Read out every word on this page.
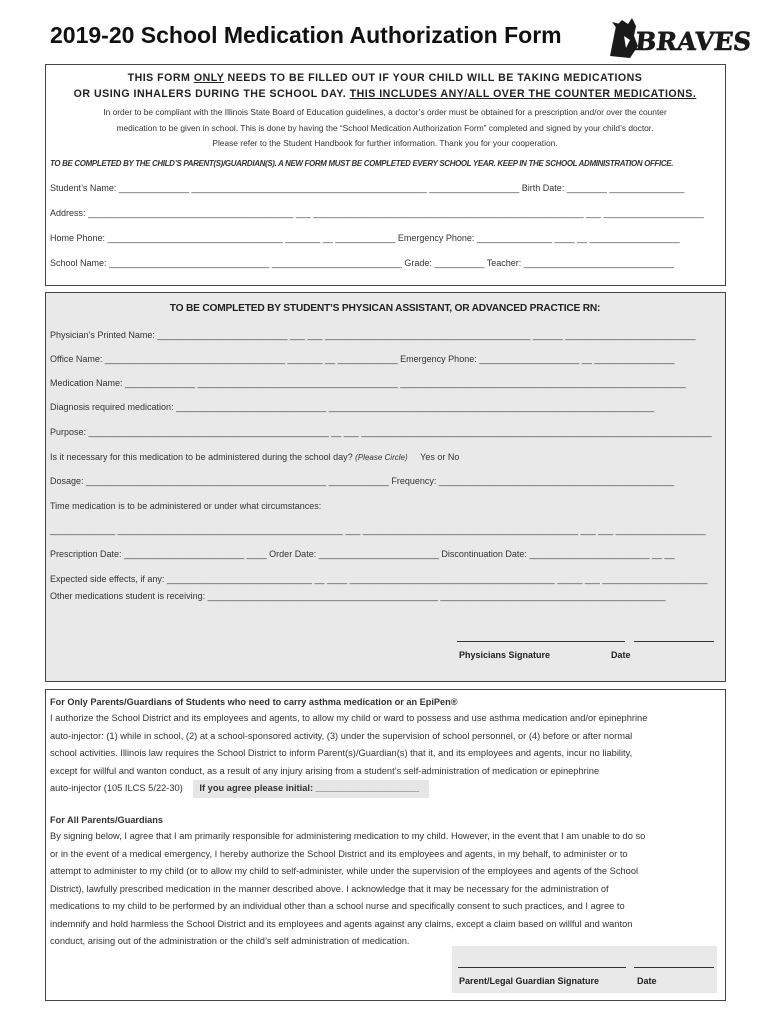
2019-20 School Medication Authorization Form	BRAVES
THIS FORM ONLY NEEDS TO BE FILLED OUT IF YOUR CHILD WILL BE TAKING MEDICATIONS
OR USING INHALERS DURING THE SCHOOL DAY. THIS INCLUDES ANY/ALL OVER THE COUNTER MEDICATIONS.
In order to be compliant with the Illinois State Board of Education guidelines, a doctor’s order must be obtained for a prescription and/or over the counter
medication to be given in school. This is done by having the “School Medication Authorization Form” completed and signed by your child’s doctor.
Please refer to the Student Handbook for further information. Thank you for your cooperation.
TO BE COMPLETED BY THE CHILD’S PARENT(S)/GUARDIAN(S). A NEW FORM MUST BE COMPLETED EVERY SCHOOL YEAR. KEEP IN THE SCHOOL ADMINISTRATION OFFICE.
Student’s Name: ______________ _______________________________________________ __________________ Birth Date: ________ _______________
Address: _________________________________________ ___ ______________________________________________________ ___ ____________________
Home Phone: ___________________________________ _______ __ ____________ Emergency Phone: _______________ ____ __ __________________
School Name: ________________________________ __________________________ Grade: __________ Teacher: ______________________________
TO BE COMPLETED BY STUDENT’S PHYSICAN ASSISTANT, OR ADVANCED PRACTICE RN:
Physician’s Printed Name: __________________________ ___ ___ _________________________________________ ______ __________________________
Office Name: ____________________________________ _______ __ ____________ Emergency Phone: ____________________ __ ________________
Medication Name: ______________ ________________________________________ _________________________________________________________
Diagnosis required medication: ______________________________ _________________________________________________________________
Purpose: ________________________________________________ __ ___ ______________________________________________________________________
Is it necessary for this medication to be administered during the school day? (Please Circle) Yes or No
Dosage: ________________________________________________ ____________ Frequency: _______________________________________________
Time medication is to be administered or under what circumstances:
_____________ _____________________________________________ ___ ___________________________________________ ___ ___ __________________
Prescription Date: ________________________ ____ Order Date: ________________________ Discontinuation Date: ________________________ __ __
Expected side effects, if any: _____________________________ __ ____ _________________________________________ _____ ___ _____________________
Other medications student is receiving: ______________________________________________ _____________________________________________
Physicians Signature	Date
For Only Parents/Guardians of Students who need to carry asthma medication or an EpiPen®
I authorize the School District and its employees and agents, to allow my child or ward to possess and use asthma medication and/or epinephrine
auto-injector: (1) while in school, (2) at a school-sponsored activity, (3) under the supervision of school personnel, or (4) before or after normal
school activities. Illinois law requires the School District to inform Parent(s)/Guardian(s) that it, and its employees and agents, incur no liability,
except for willful and wanton conduct, as a result of any injury arising from a student’s self-administration of medication or epinephrine
auto-injector (105 ILCS 5/22-30) If you agree please initial: ____________________
For All Parents/Guardians
By signing below, I agree that I am primarily responsible for administering medication to my child. However, in the event that I am unable to do so
or in the event of a medical emergency, I hereby authorize the School District and its employees and agents, in my behalf, to administer or to
attempt to administer to my child (or to allow my child to self-administer, while under the supervision of the employees and agents of the School
District), lawfully prescribed medication in the manner described above. I acknowledge that it may be necessary for the administration of
medications to my child to be performed by an individual other than a school nurse and specifically consent to such practices, and I agree to
indemnify and hold harmless the School District and its employees and agents against any claims, except a claim based on willful and wanton
conduct, arising out of the administration or the child’s self administration of medication.
Parent/Legal Guardian Signature	Date
